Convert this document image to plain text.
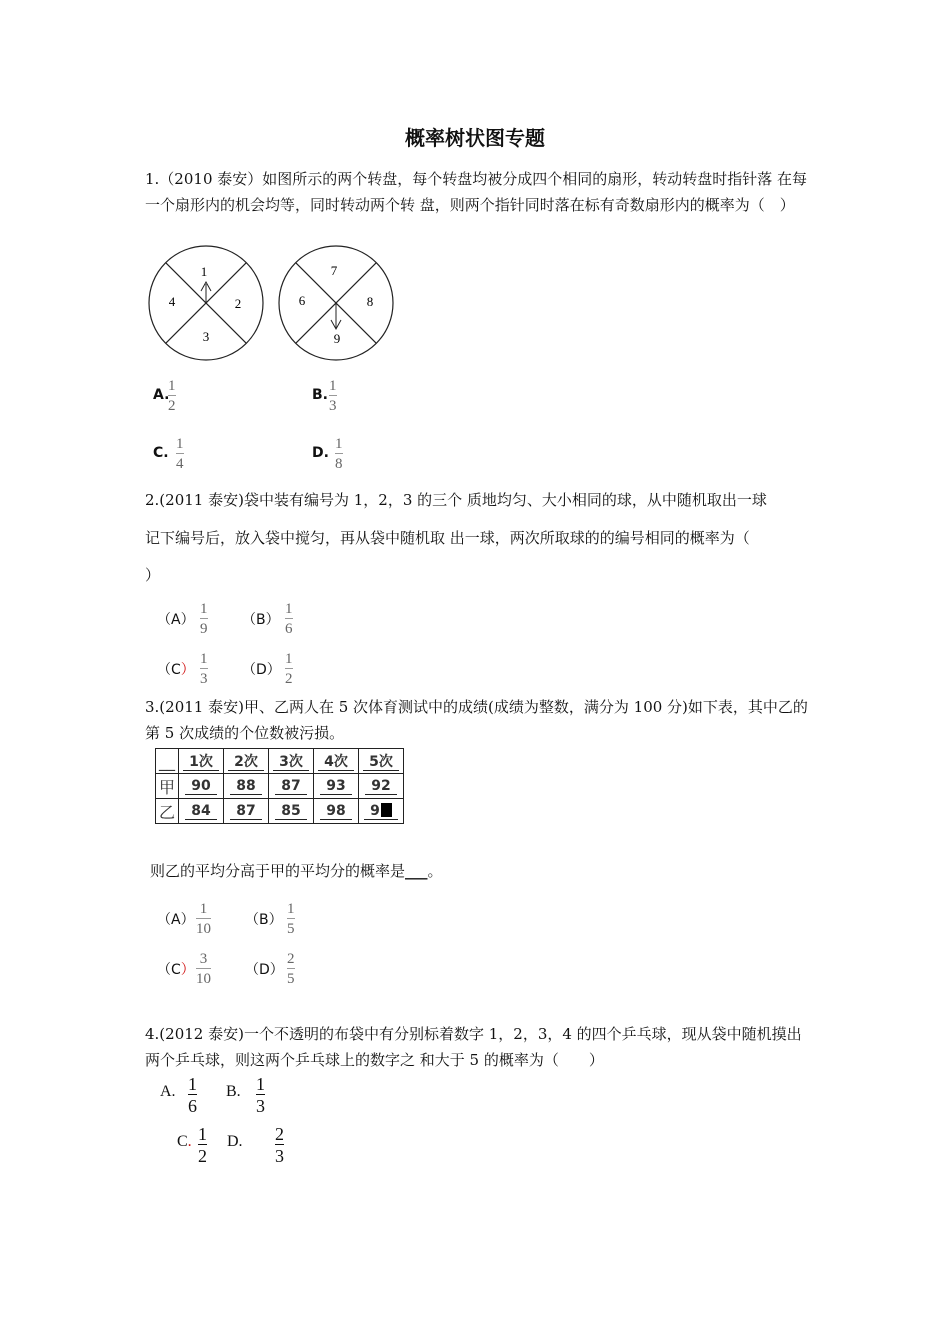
概率树状图专题
1.（2010 泰安）如图所示的两个转盘，每个转盘均被分成四个相同的扇形，转动转盘时指针落 在每一个扇形内的机会均等，同时转动两个转 盘，则两个指针同时落在标有奇数扇形内的概率为（　）
1
2
3
4
7
8
9
6
A.
$\frac{1}{2}$	B. $\frac{1}{3}$
C. $\frac{1}{4}$	D. $\frac{1}{8}$
2.(2011 泰安)袋中装有编号为 1，2，3 的三个 质地均匀、大小相同的球，从中随机取出一球
记下编号后，放入袋中搅匀，再从袋中随机取 出一球，两次所取球的的编号相同的概率为（
）
$(A) \frac{1}{9} (B) \frac{1}{6}$
$(C) \frac{1}{3} (D) \frac{1}{2}$
3.(2011 泰安)甲、乙两人在 5 次体育测试中的成绩(成绩为整数，满分为 100 分)如下表，其中乙的第 5 次成绩的个位数被污损。
__	1次	2次	3次	4次	5次
甲	90	88	87	93	92
乙	84	87	85	98	9
则乙的平均分高于甲的平均分的概率是___。
$(A) \frac{1}{10} (B) \frac{1}{5}$
$(C) \frac{3}{10} (D) \frac{2}{5}$
4.(2012 泰安)一个不透明的布袋中有分别标着数字 1，2，3，4 的四个乒乓球，现从袋中随机摸出两个乒乓球，则这两个乒乓球上的数字之 和大于 5 的概率为（　　）
A. $\frac{1}{6} B$. $\frac{1}{3}$
C. $\frac{1}{2} D$. $\frac{2}{3}$
